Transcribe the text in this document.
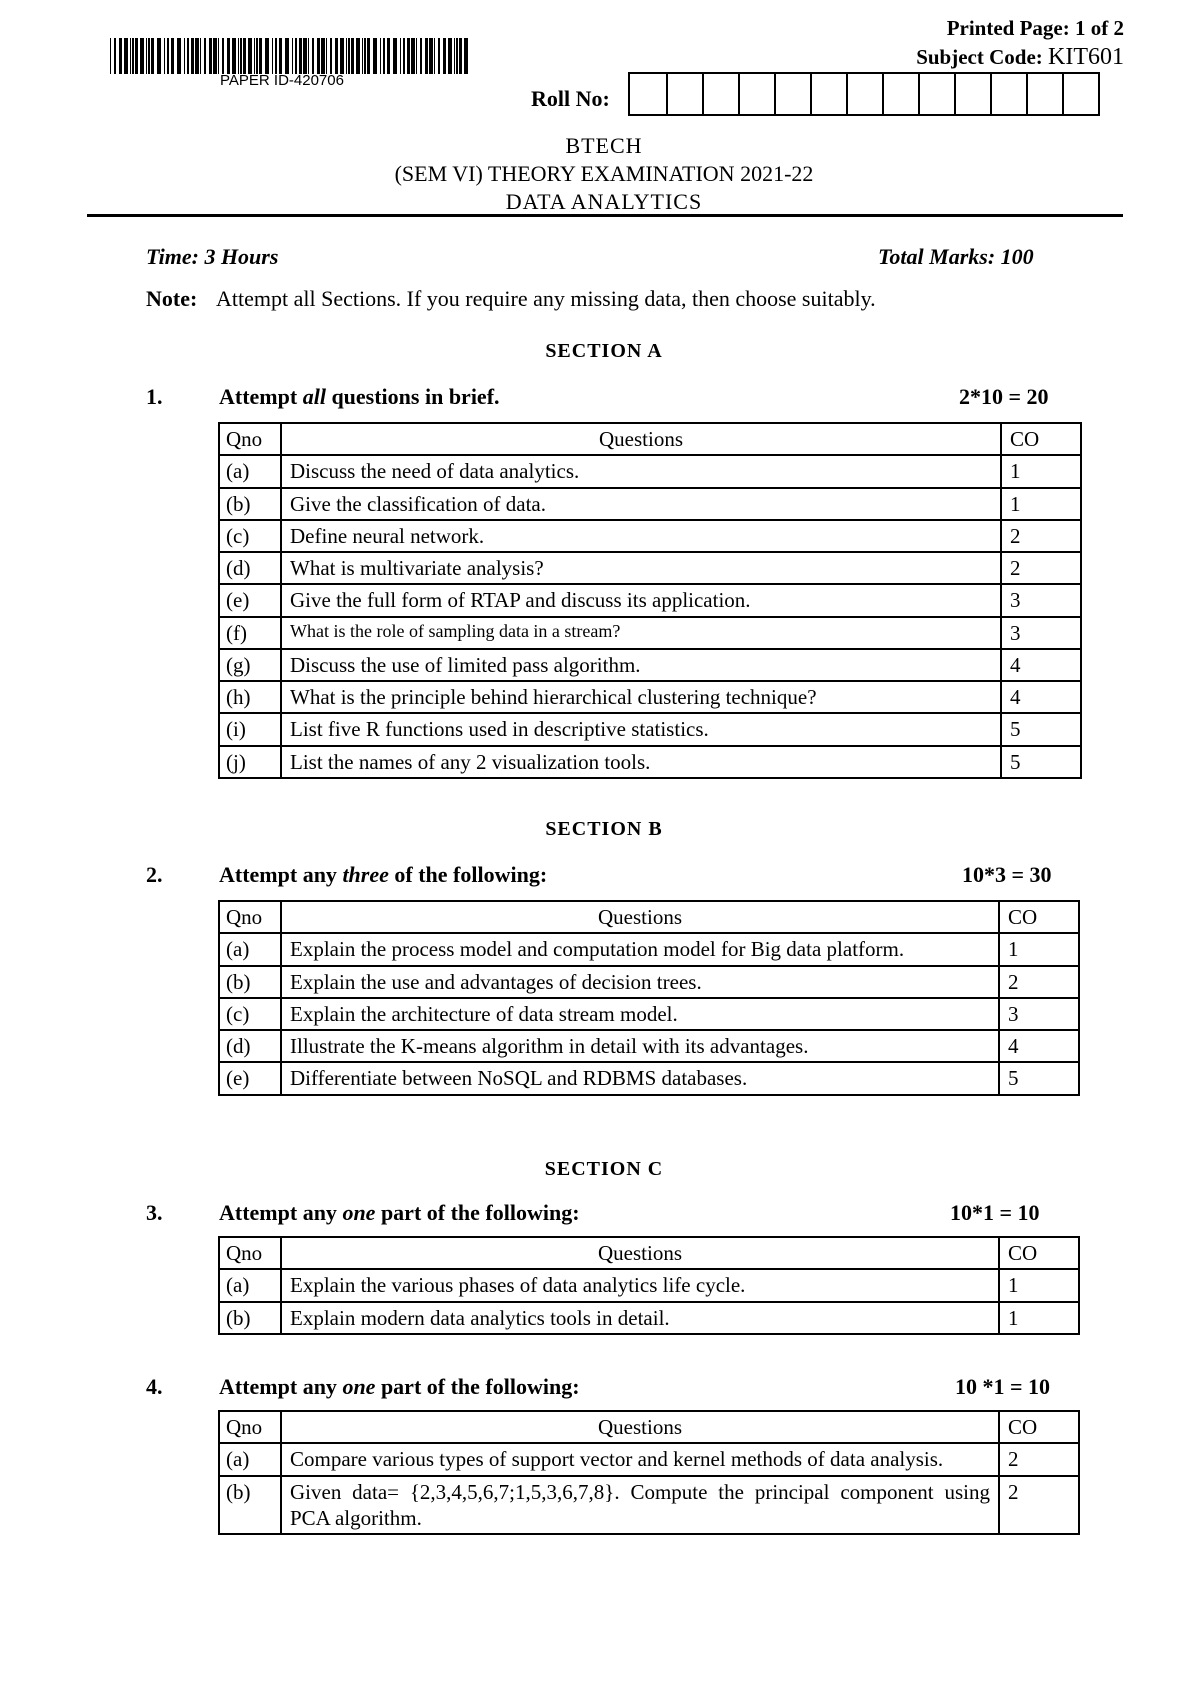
PAPER ID-420706
Printed Page: 1 of 2
Subject Code: KIT601
Roll No:
BTECH
(SEM VI) THEORY EXAMINATION 2021-22
DATA ANALYTICS
Time: 3 Hours	Total Marks: 100
Note: Attempt all Sections. If you require any missing data, then choose suitably.
SECTION A
1.	Attempt all questions in brief.	2*10 = 20
Qno	Questions	CO
(a)	Discuss the need of data analytics.	1
(b)	Give the classification of data.	1
(c)	Define neural network.	2
(d)	What is multivariate analysis?	2
(e)	Give the full form of RTAP and discuss its application.	3
(f)	What is the role of sampling data in a stream?	3
(g)	Discuss the use of limited pass algorithm.	4
(h)	What is the principle behind hierarchical clustering technique?	4
(i)	List five R functions used in descriptive statistics.	5
(j)	List the names of any 2 visualization tools.	5
SECTION B
2.	Attempt any three of the following:	10*3 = 30
Qno	Questions	CO
(a)	Explain the process model and computation model for Big data platform.	1
(b)	Explain the use and advantages of decision trees.	2
(c)	Explain the architecture of data stream model.	3
(d)	Illustrate the K-means algorithm in detail with its advantages.	4
(e)	Differentiate between NoSQL and RDBMS databases.	5
SECTION C
3.	Attempt any one part of the following:	10*1 = 10
Qno	Questions	CO
(a)	Explain the various phases of data analytics life cycle.	1
(b)	Explain modern data analytics tools in detail.	1
4.	Attempt any one part of the following:	10 *1 = 10
Qno	Questions	CO
(a)	Compare various types of support vector and kernel methods of data analysis.	2
(b)	Given data= {2,3,4,5,6,7;1,5,3,6,7,8}. Compute the principal component using PCA algorithm.	2
